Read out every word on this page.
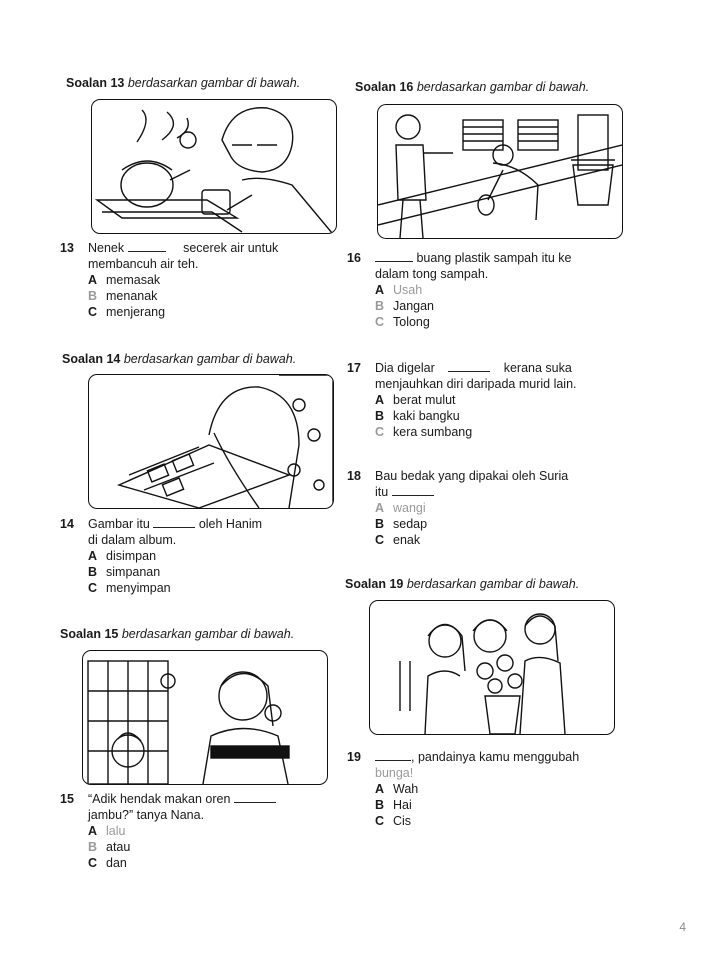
Soalan 13 berdasarkan gambar di bawah.
13 Nenek	secerek air untuk
membancuh air teh.
A memasak
B menanak
C menjerang
Soalan 14 berdasarkan gambar di bawah.
14 Gambar itu	oleh Hanim
di dalam album.
A disimpan
B simpanan
C menyimpan
Soalan 15 berdasarkan gambar di bawah.
15 “Adik hendak makan oren
jambu?” tanya Nana.
A lalu
B atau
C dan
Soalan 16 berdasarkan gambar di bawah.
16	buang plastik sampah itu ke
dalam tong sampah.
A Usah
B Jangan
C Tolong
17 Dia digelar	kerana suka
menjauhkan diri daripada murid lain.
A berat mulut
B kaki bangku
C kera sumbang
18 Bau bedak yang dipakai oleh Suria
itu
A wangi
B sedap
C enak
Soalan 19 berdasarkan gambar di bawah.
19	, pandainya kamu menggubah
bunga!
A Wah
B Hai
C Cis
4
